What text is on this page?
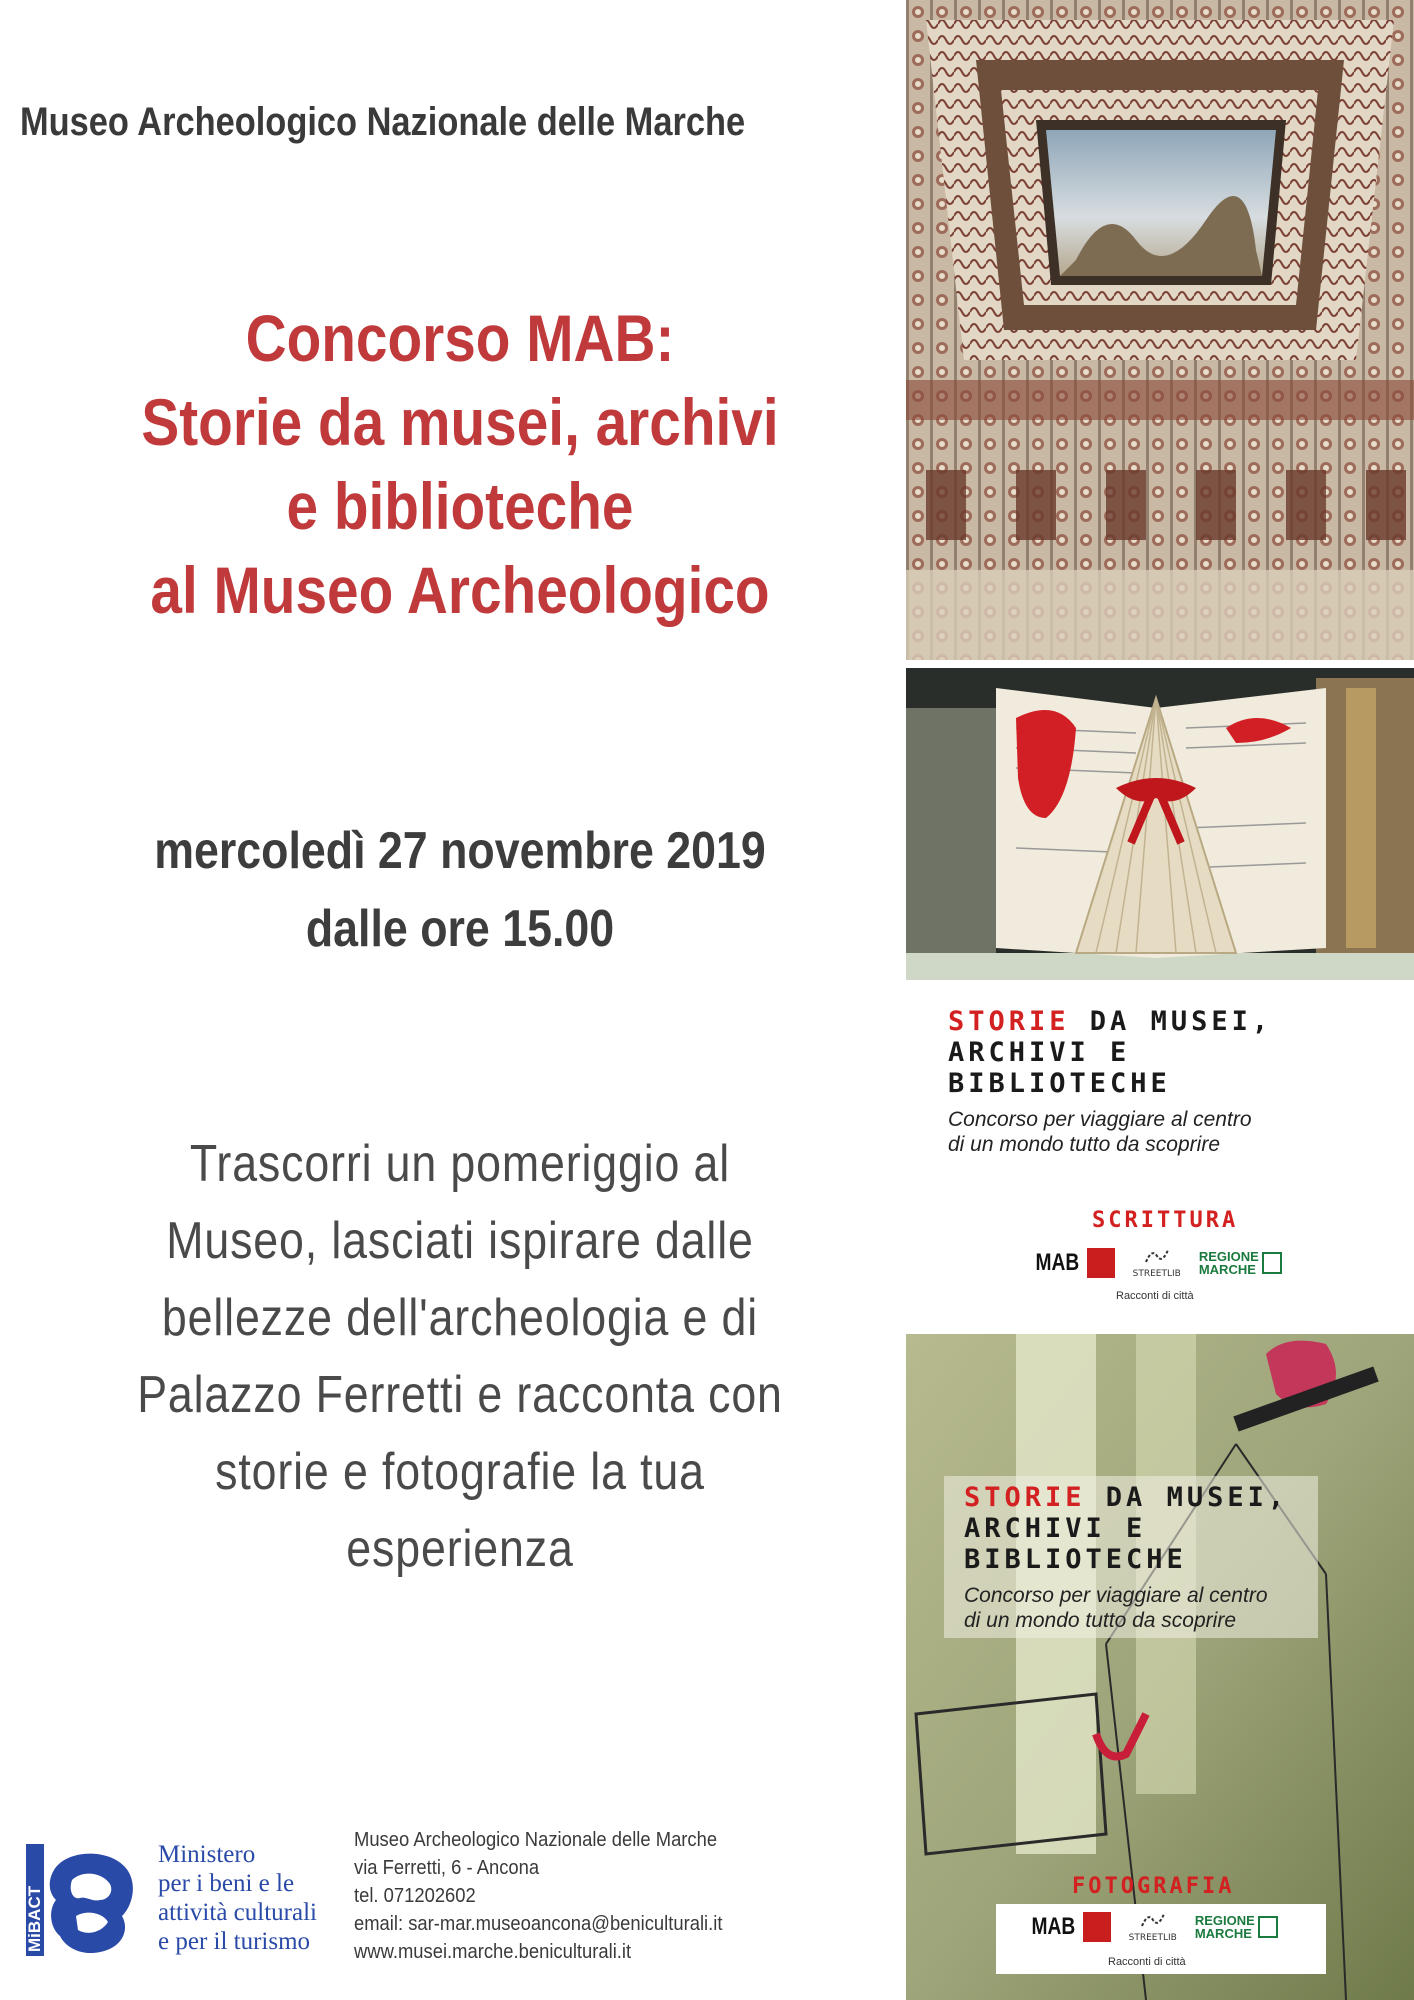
Museo Archeologico Nazionale delle Marche
Concorso MAB:
Storie da musei, archivi
e biblioteche
al Museo Archeologico
mercoledì 27 novembre 2019
dalle ore 15.00
Trascorri un pomeriggio al
Museo, lasciati ispirare dalle
bellezze dell'archeologia e di
Palazzo Ferretti e racconta con
storie e fotografie la tua
esperienza
MiBACT
Ministero
per i beni e le
attività culturali
e per il turismo
Museo Archeologico Nazionale delle Marche
via Ferretti, 6 - Ancona
tel. 071202602
email: sar-mar.museoancona@beniculturali.it
www.musei.marche.beniculturali.it
STORIE DA MUSEI,
ARCHIVI E
BIBLIOTECHE
Concorso per viaggiare al centro
di un mondo tutto da scoprire
SCRITTURA
MAB	STREETLIB
REGIONE MARCHE
Racconti di città
STORIE DA MUSEI,
ARCHIVI E
BIBLIOTECHE
Concorso per viaggiare al centro
di un mondo tutto da scoprire
FOTOGRAFIA
MAB	STREETLIB
REGIONE MARCHE
Racconti di città
